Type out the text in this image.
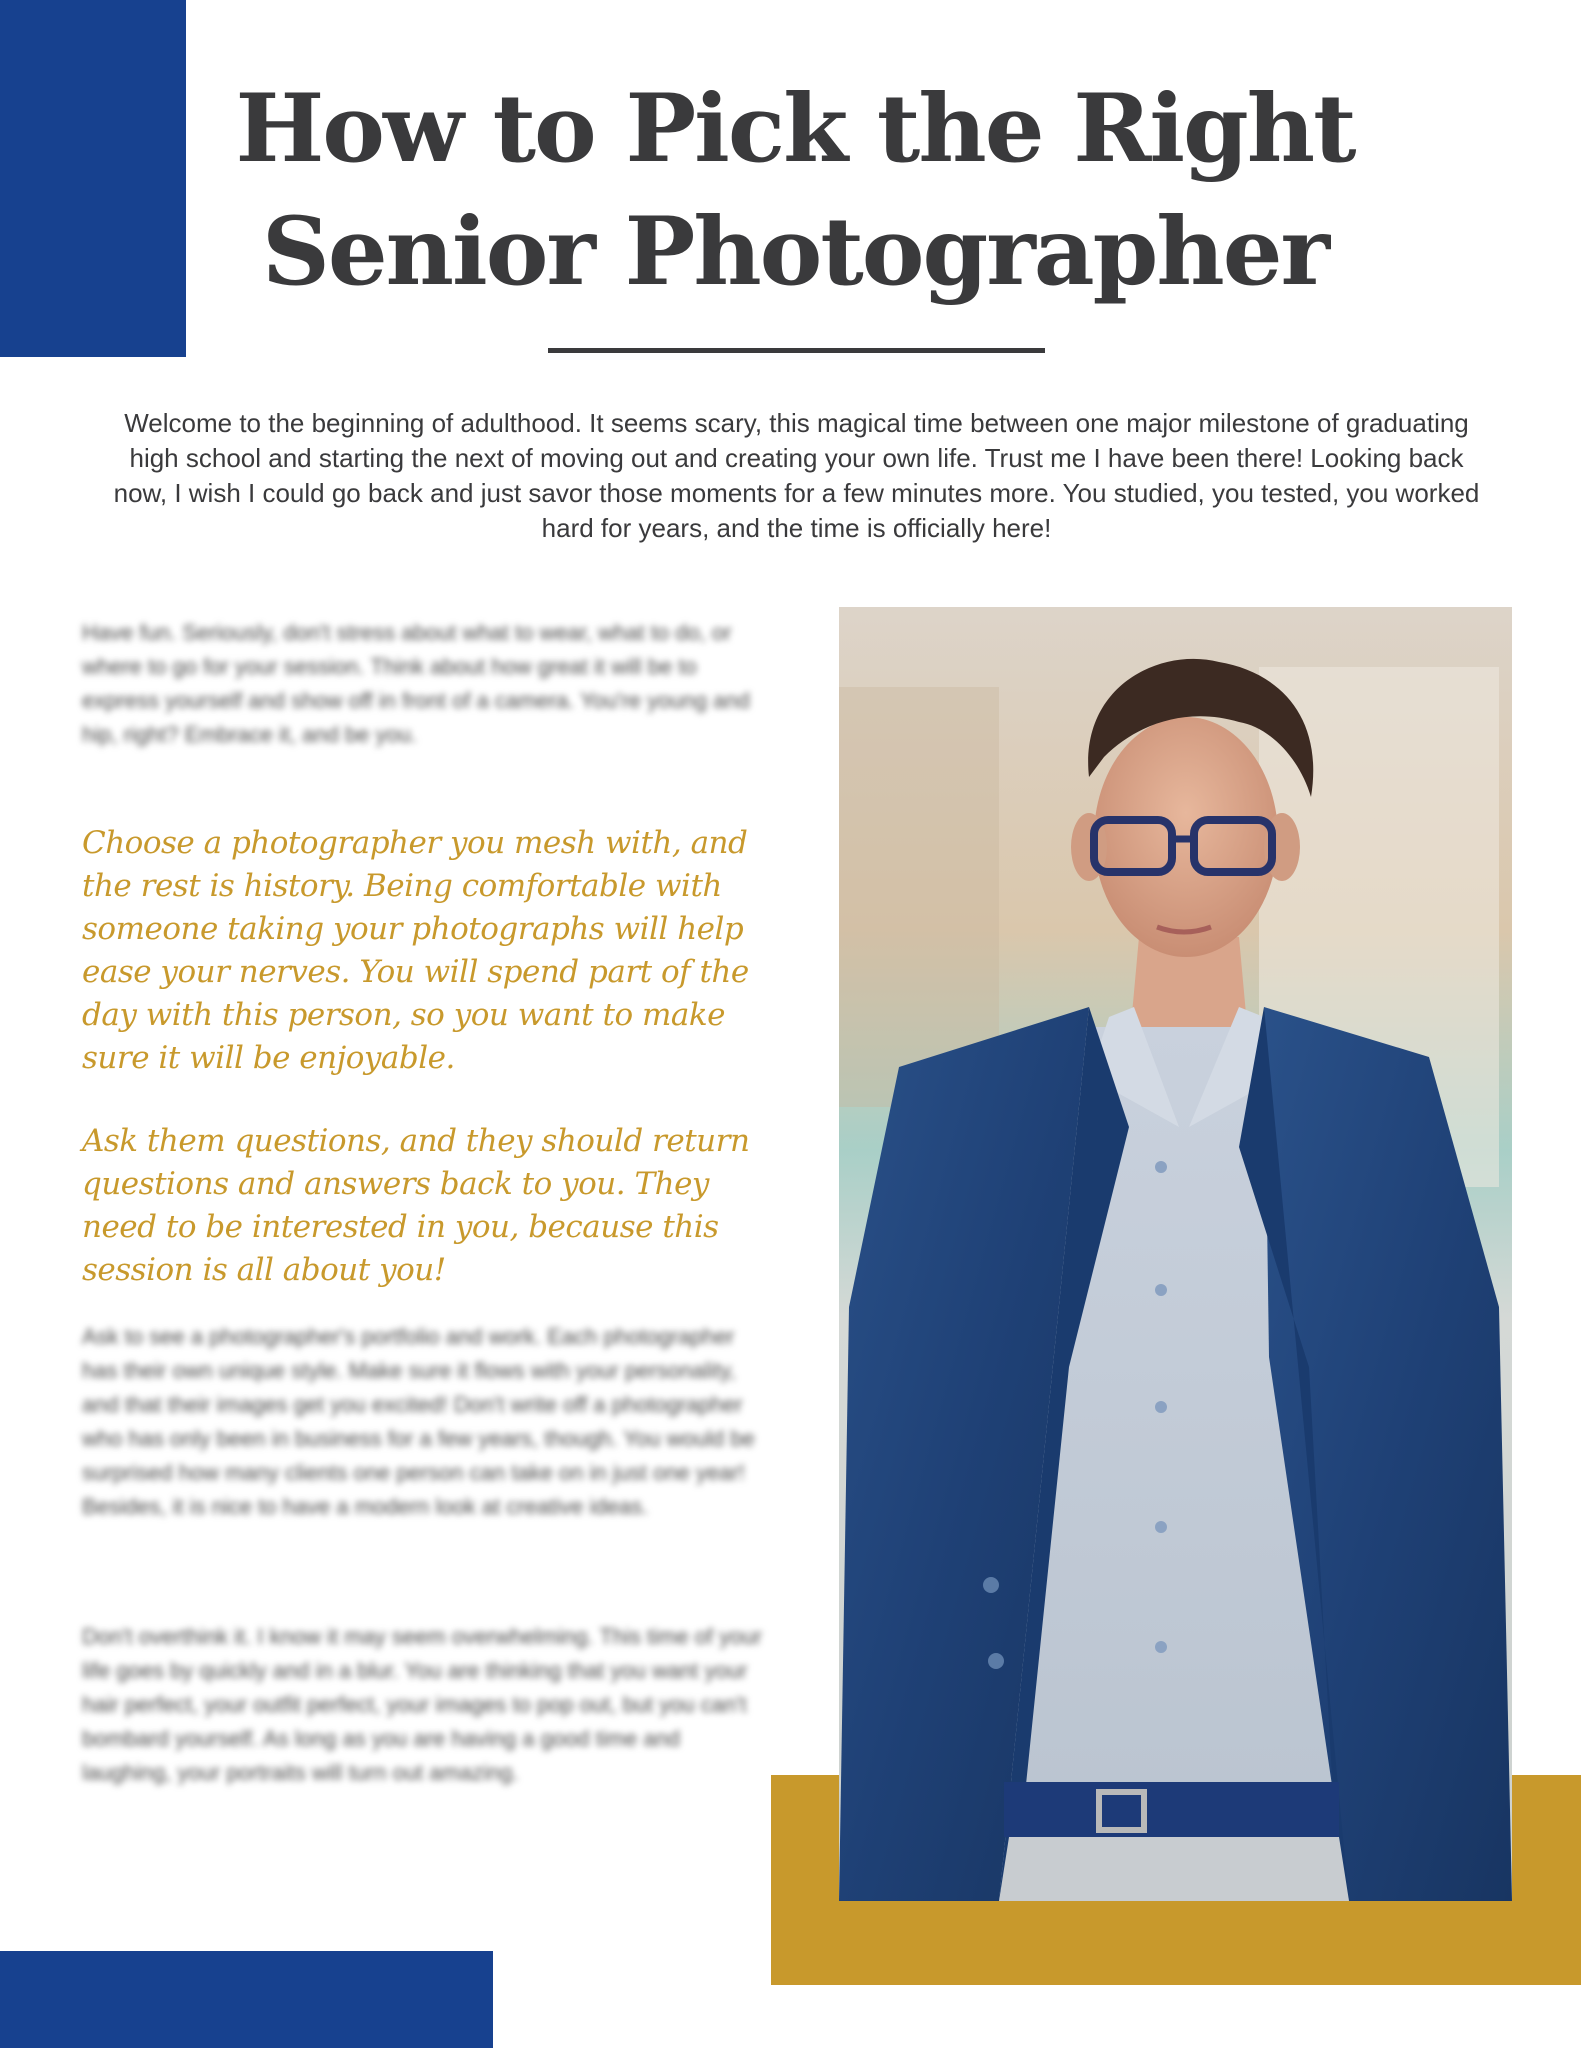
How to Pick the Right
Senior Photographer

Welcome to the beginning of adulthood. It seems scary, this magical time between one major milestone of graduating high school and starting the next of moving out and creating your own life. Trust me I have been there! Looking back now, I wish I could go back and just savor those moments for a few minutes more. You studied, you tested, you worked hard for years, and the time is officially here!

Have fun. Seriously, don't stress about what to wear, what to do, or where to go for your session. Think about how great it will be to express yourself and show off in front of a camera. You're young and hip, right? Embrace it, and be you.

Choose a photographer you mesh with, and the rest is history. Being comfortable with someone taking your photographs will help ease your nerves. You will spend part of the day with this person, so you want to make sure it will be enjoyable.

Ask them questions, and they should return questions and answers back to you. They need to be interested in you, because this session is all about you!

Ask to see a photographer's portfolio and work. Each photographer has their own unique style. Make sure it flows with your personality, and that their images get you excited! Don't write off a photographer who has only been in business for a few years, though. You would be surprised how many clients one person can take on in just one year! Besides, it is nice to have a modern look at creative ideas.

Don't overthink it. I know it may seem overwhelming. This time of your life goes by quickly and in a blur. You are thinking that you want your hair perfect, your outfit perfect, your images to pop out, but you can't bombard yourself. As long as you are having a good time and laughing, your portraits will turn out amazing.
